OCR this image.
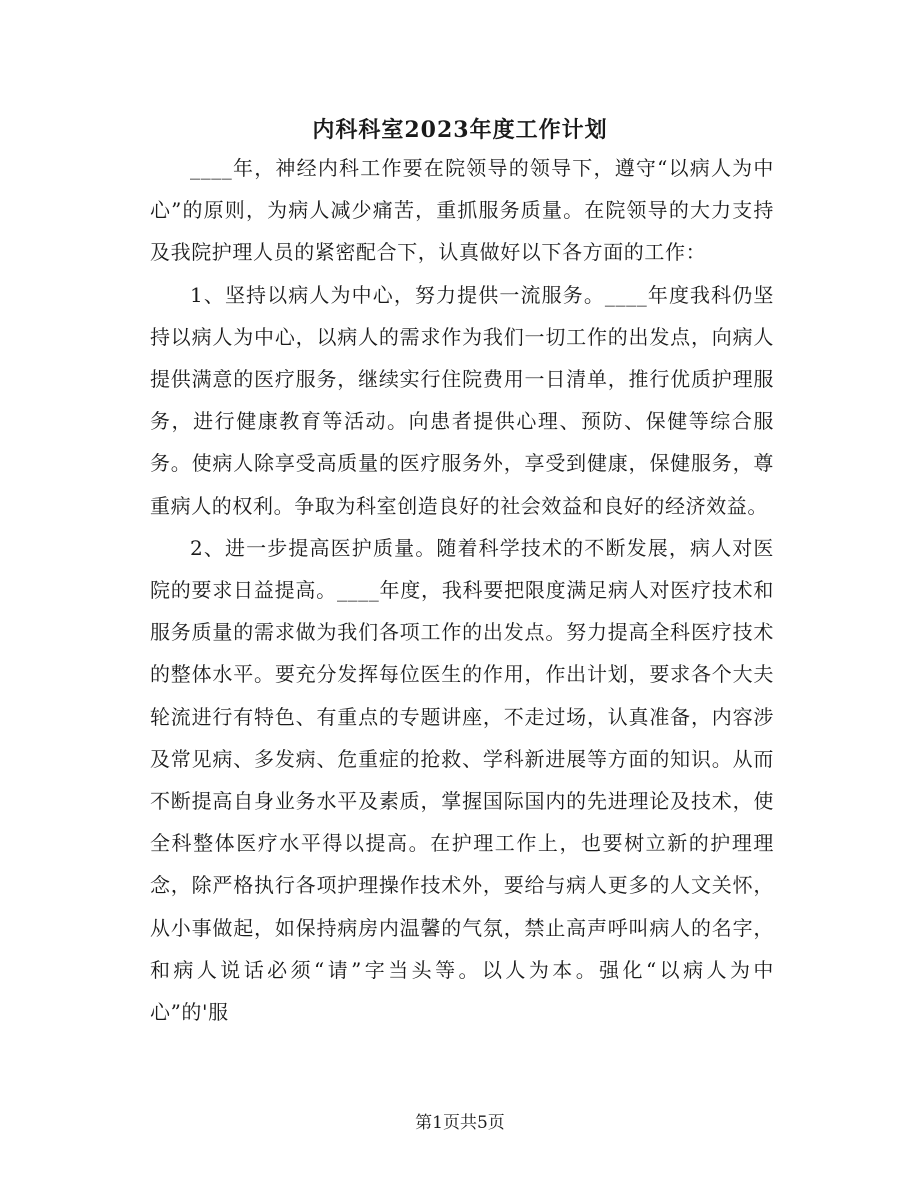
内科科室2023年度工作计划

____年，神经内科工作要在院领导的领导下，遵守“以病人为中心”的原则，为病人减少痛苦，重抓服务质量。在院领导的大力支持及我院护理人员的紧密配合下，认真做好以下各方面的工作：

1、坚持以病人为中心，努力提供一流服务。____年度我科仍坚持以病人为中心，以病人的需求作为我们一切工作的出发点，向病人提供满意的医疗服务，继续实行住院费用一日清单，推行优质护理服务，进行健康教育等活动。向患者提供心理、预防、保健等综合服务。使病人除享受高质量的医疗服务外，享受到健康，保健服务，尊重病人的权利。争取为科室创造良好的社会效益和良好的经济效益。

2、进一步提高医护质量。随着科学技术的不断发展，病人对医院的要求日益提高。____年度，我科要把限度满足病人对医疗技术和服务质量的需求做为我们各项工作的出发点。努力提高全科医疗技术的整体水平。要充分发挥每位医生的作用，作出计划，要求各个大夫轮流进行有特色、有重点的专题讲座，不走过场，认真准备，内容涉及常见病、多发病、危重症的抢救、学科新进展等方面的知识。从而不断提高自身业务水平及素质，掌握国际国内的先进理论及技术，使全科整体医疗水平得以提高。在护理工作上，也要树立新的护理理念，除严格执行各项护理操作技术外，要给与病人更多的人文关怀，从小事做起，如保持病房内温馨的气氛，禁止高声呼叫病人的名字，和病人说话必须“请”字当头等。以人为本。强化“以病人为中心”的'服

第1页共5页
